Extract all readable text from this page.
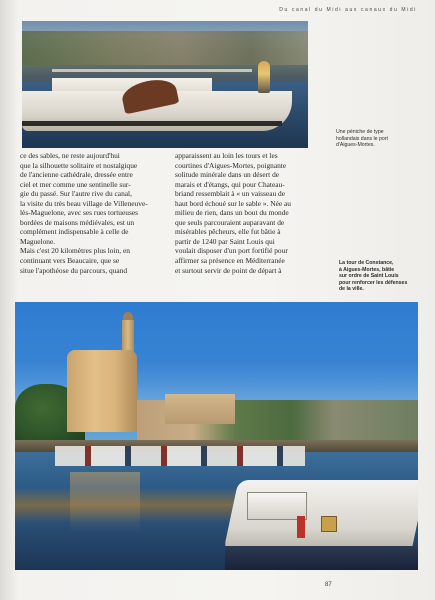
Du canal du Midi aux canaux du Midi
Une péniche de type
hollandais dans le port
d'Aigues-Mortes.
ce des sables, ne reste aujourd'hui
que la silhouette solitaire et nostalgique
de l'ancienne cathédrale, dressée entre
ciel et mer comme une sentinelle sur-
gie du passé. Sur l'autre rive du canal,
la visite du très beau village de Villeneuve-
lès-Maguelone, avec ses rues tortueuses
bordées de maisons médiévales, est un
complément indispensable à celle de
Maguelone.
Mais c'est 20 kilomètres plus loin, en
continuant vers Beaucaire, que se
situe l'apothéose du parcours, quand
apparaissent au loin les tours et les
courtines d'Aigues-Mortes, poignante
solitude minérale dans un désert de
marais et d'étangs, qui pour Chateau-
briand ressemblait à « un vaisseau de
haut bord échoué sur le sable ». Née au
milieu de rien, dans un bout du monde
que seuls parcouraient auparavant de
misérables pêcheurs, elle fut bâtie à
partir de 1240 par Saint Louis qui
voulait disposer d'un port fortifié pour
affirmer sa présence en Méditerranée
et surtout servir de point de départ à
La tour de Constance,
à Aigues-Mortes, bâtie
sur ordre de Saint Louis
pour renforcer les défenses
de la ville.
87
